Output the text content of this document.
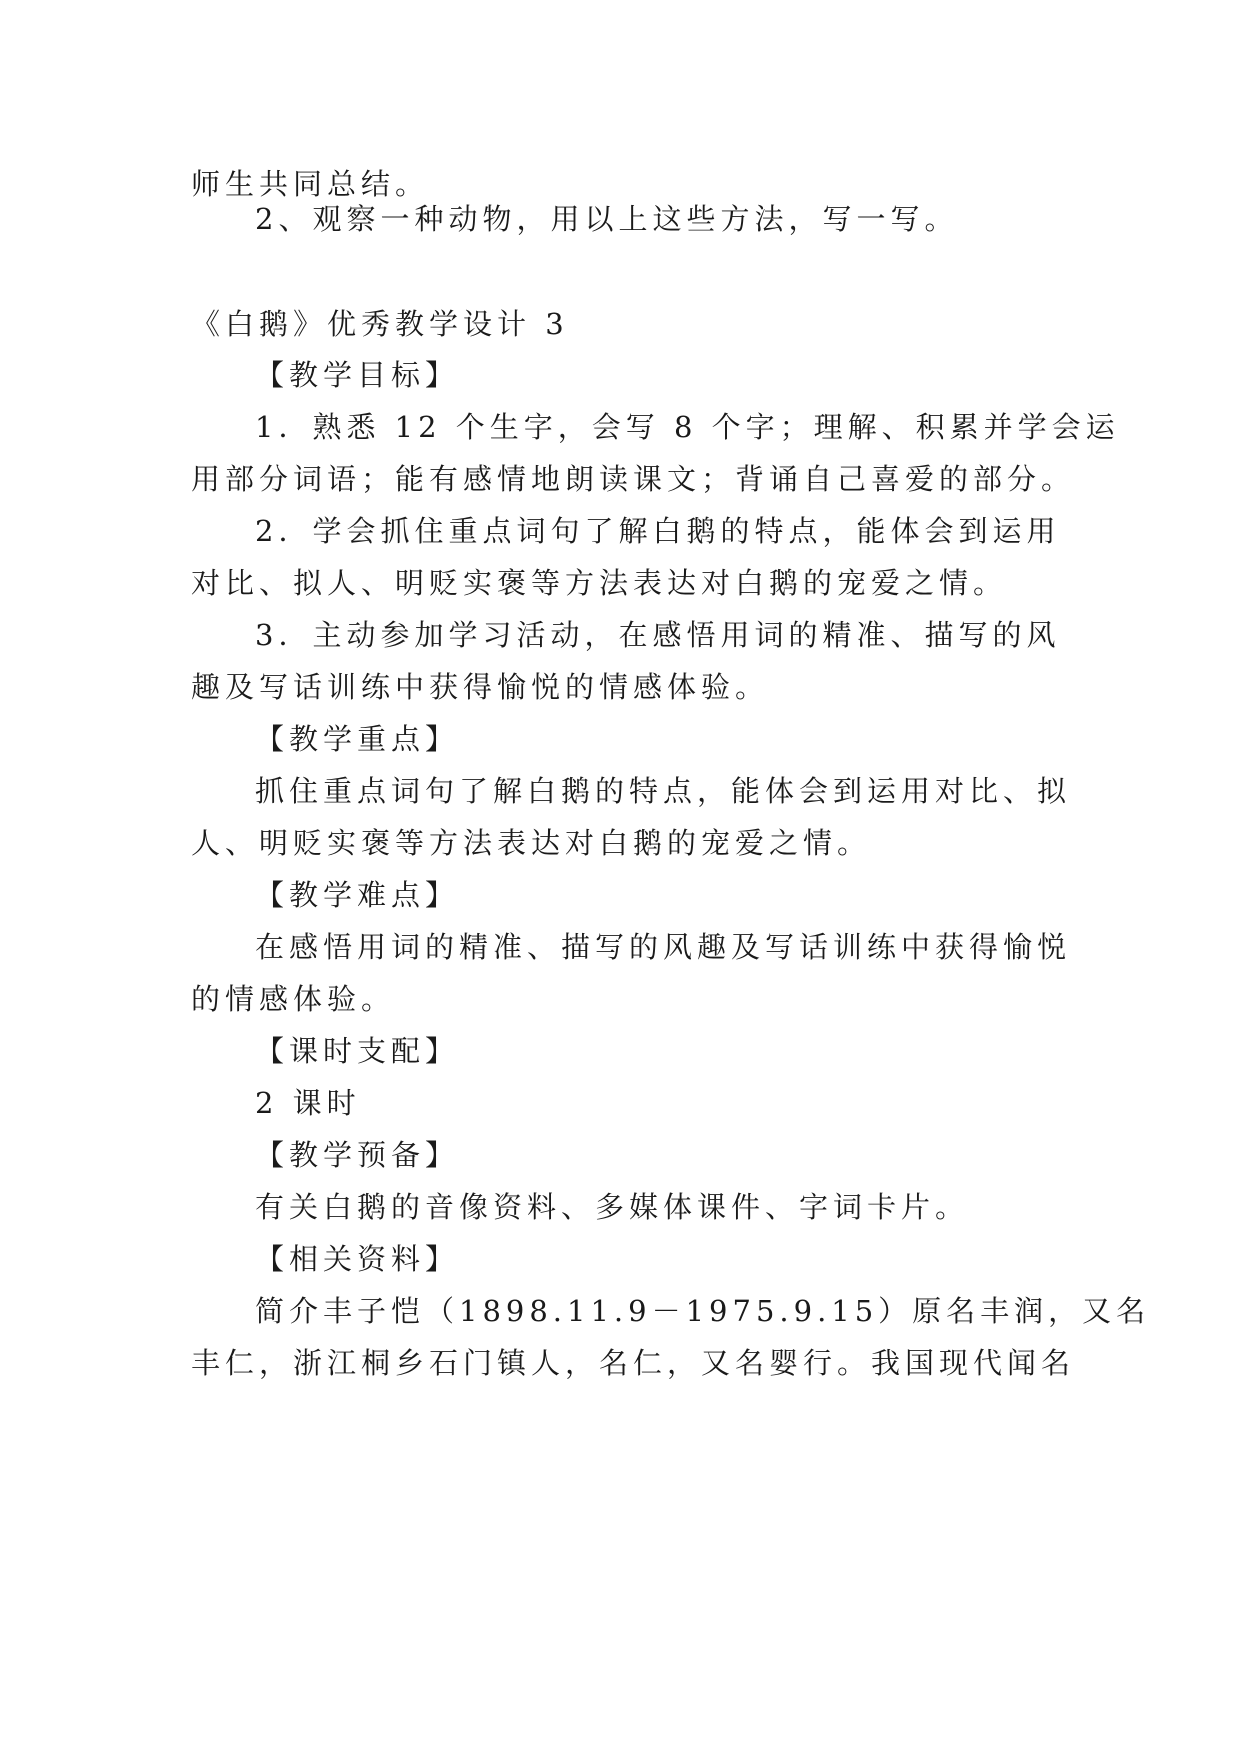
师生共同总结。
2、观察一种动物，用以上这些方法，写一写。
《白鹅》优秀教学设计 3
【教学目标】
1．熟悉 12 个生字，会写 8 个字；理解、积累并学会运
用部分词语；能有感情地朗读课文；背诵自己喜爱的部分。
2．学会抓住重点词句了解白鹅的特点，能体会到运用
对比、拟人、明贬实褒等方法表达对白鹅的宠爱之情。
3．主动参加学习活动，在感悟用词的精准、描写的风
趣及写话训练中获得愉悦的情感体验。
【教学重点】
抓住重点词句了解白鹅的特点，能体会到运用对比、拟
人、明贬实褒等方法表达对白鹅的宠爱之情。
【教学难点】
在感悟用词的精准、描写的风趣及写话训练中获得愉悦
的情感体验。
【课时支配】
2 课时
【教学预备】
有关白鹅的音像资料、多媒体课件、字词卡片。
【相关资料】
简介丰子恺（1898.11.9－1975.9.15）原名丰润，又名
丰仁，浙江桐乡石门镇人，名仁，又名婴行。我国现代闻名
